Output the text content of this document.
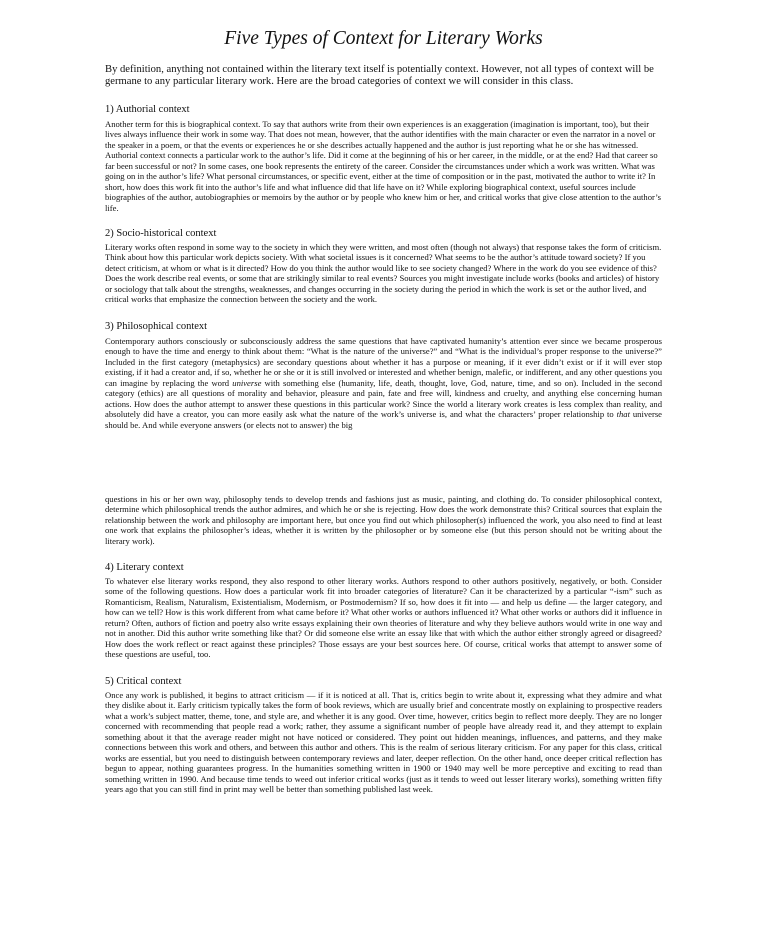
Five Types of Context for Literary Works

By definition, anything not contained within the literary text itself is potentially context. However, not all types of context will be germane to any particular literary work. Here are the broad categories of context we will consider in this class.

1) Authorial context

Another term for this is biographical context. To say that authors write from their own experiences is an exaggeration (imagination is important, too), but their lives always influence their work in some way. That does not mean, however, that the author identifies with the main character or even the narrator in a novel or the speaker in a poem, or that the events or experiences he or she describes actually happened and the author is just reporting what he or she has witnessed. Authorial context connects a particular work to the author’s life. Did it come at the beginning of his or her career, in the middle, or at the end? Had that career so far been successful or not? In some cases, one book represents the entirety of the career. Consider the circumstances under which a work was written. What was going on in the author’s life? What personal circumstances, or specific event, either at the time of composition or in the past, motivated the author to write it? In short, how does this work fit into the author’s life and what influence did that life have on it? While exploring biographical context, useful sources include biographies of the author, autobiographies or memoirs by the author or by people who knew him or her, and critical works that give close attention to the author’s life.

2) Socio-historical context

Literary works often respond in some way to the society in which they were written, and most often (though not always) that response takes the form of criticism. Think about how this particular work depicts society. With what societal issues is it concerned? What seems to be the author’s attitude toward society? If you detect criticism, at whom or what is it directed? How do you think the author would like to see society changed? Where in the work do you see evidence of this? Does the work describe real events, or some that are strikingly similar to real events? Sources you might investigate include works (books and articles) of history or sociology that talk about the strengths, weaknesses, and changes occurring in the society during the period in which the work is set or the author lived, and critical works that emphasize the connection between the society and the work.

3) Philosophical context

Contemporary authors consciously or subconsciously address the same questions that have captivated humanity’s attention ever since we became prosperous enough to have the time and energy to think about them: “What is the nature of the universe?” and “What is the individual’s proper response to the universe?” Included in the first category (metaphysics) are secondary questions about whether it has a purpose or meaning, if it ever didn’t exist or if it will ever stop existing, if it had a creator and, if so, whether he or she or it is still involved or interested and whether benign, malefic, or indifferent, and any other questions you can imagine by replacing the word universe with something else (humanity, life, death, thought, love, God, nature, time, and so on). Included in the second category (ethics) are all questions of morality and behavior, pleasure and pain, fate and free will, kindness and cruelty, and anything else concerning human actions. How does the author attempt to answer these questions in this particular work? Since the world a literary work creates is less complex than reality, and absolutely did have a creator, you can more easily ask what the nature of the work’s universe is, and what the characters’ proper relationship to that universe should be. And while everyone answers (or elects not to answer) the big

questions in his or her own way, philosophy tends to develop trends and fashions just as music, painting, and clothing do. To consider philosophical context, determine which philosophical trends the author admires, and which he or she is rejecting. How does the work demonstrate this? Critical sources that explain the relationship between the work and philosophy are important here, but once you find out which philosopher(s) influenced the work, you also need to find at least one work that explains the philosopher’s ideas, whether it is written by the philosopher or by someone else (but this person should not be writing about the literary work).

4) Literary context

To whatever else literary works respond, they also respond to other literary works. Authors respond to other authors positively, negatively, or both. Consider some of the following questions. How does a particular work fit into broader categories of literature? Can it be characterized by a particular “-ism” such as Romanticism, Realism, Naturalism, Existentialism, Modernism, or Postmodernism? If so, how does it fit into — and help us define — the larger category, and how can we tell? How is this work different from what came before it? What other works or authors influenced it? What other works or authors did it influence in return? Often, authors of fiction and poetry also write essays explaining their own theories of literature and why they believe authors would write in one way and not in another. Did this author write something like that? Or did someone else write an essay like that with which the author either strongly agreed or disagreed? How does the work reflect or react against these principles? Those essays are your best sources here. Of course, critical works that attempt to answer some of these questions are useful, too.

5) Critical context

Once any work is published, it begins to attract criticism — if it is noticed at all. That is, critics begin to write about it, expressing what they admire and what they dislike about it. Early criticism typically takes the form of book reviews, which are usually brief and concentrate mostly on explaining to prospective readers what a work’s subject matter, theme, tone, and style are, and whether it is any good. Over time, however, critics begin to reflect more deeply. They are no longer concerned with recommending that people read a work; rather, they assume a significant number of people have already read it, and they attempt to explain something about it that the average reader might not have noticed or considered. They point out hidden meanings, influences, and patterns, and they make connections between this work and others, and between this author and others. This is the realm of serious literary criticism. For any paper for this class, critical works are essential, but you need to distinguish between contemporary reviews and later, deeper reflection. On the other hand, once deeper critical reflection has begun to appear, nothing guarantees progress. In the humanities something written in 1900 or 1940 may well be more perceptive and exciting to read than something written in 1990. And because time tends to weed out inferior critical works (just as it tends to weed out lesser literary works), something written fifty years ago that you can still find in print may well be better than something published last week.
